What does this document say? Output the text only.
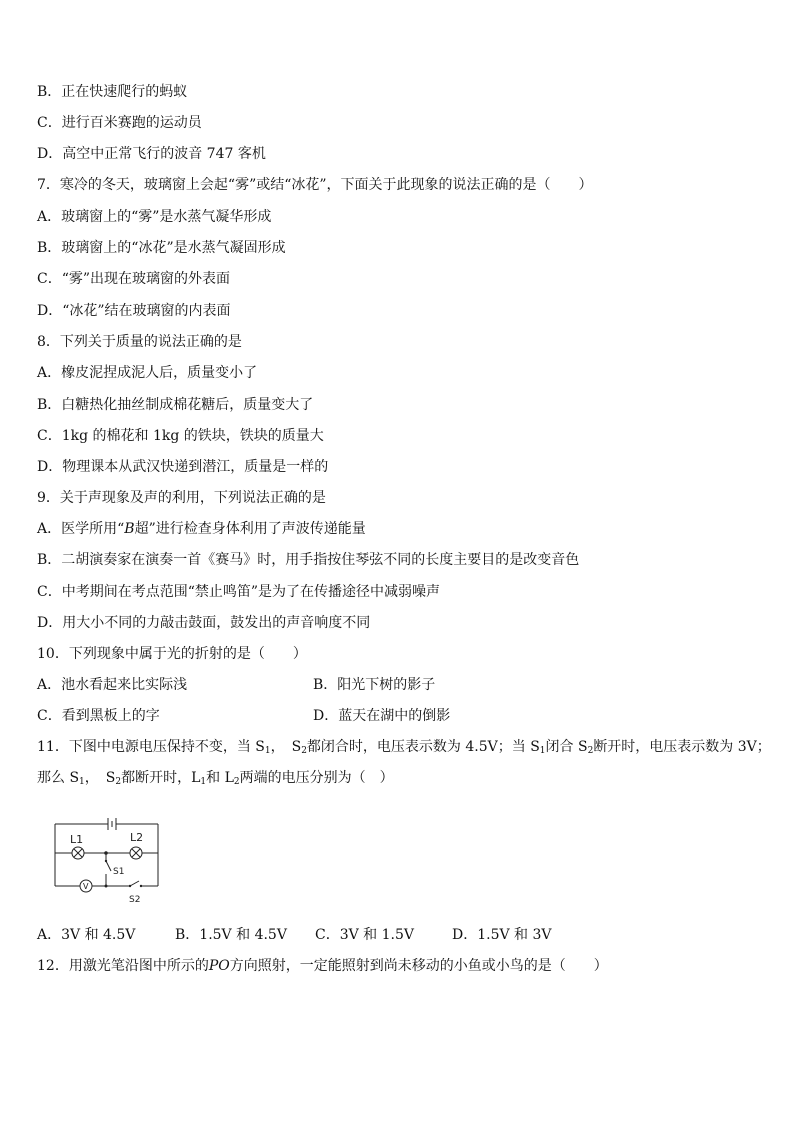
B．正在快速爬行的蚂蚁
C．进行百米赛跑的运动员
D．高空中正常飞行的波音 747 客机
7．寒冷的冬天，玻璃窗上会起“雾”或结“冰花”，下面关于此现象的说法正确的是（　　）
A．玻璃窗上的“雾”是水蒸气凝华形成
B．玻璃窗上的“冰花”是水蒸气凝固形成
C．“雾”出现在玻璃窗的外表面
D．“冰花”结在玻璃窗的内表面
8．下列关于质量的说法正确的是
A．橡皮泥捏成泥人后，质量变小了
B．白糖热化抽丝制成棉花糖后，质量变大了
C．1kg 的棉花和 1kg 的铁块，铁块的质量大
D．物理课本从武汉快递到潜江，质量是一样的
9．关于声现象及声的利用，下列说法正确的是
A．医学所用“B超”进行检查身体利用了声波传递能量
B．二胡演奏家在演奏一首《赛马》时，用手指按住琴弦不同的长度主要目的是改变音色
C．中考期间在考点范围“禁止鸣笛”是为了在传播途径中减弱噪声
D．用大小不同的力敲击鼓面，鼓发出的声音响度不同
10．下列现象中属于光的折射的是（　　）
A．池水看起来比实际浅	B．阳光下树的影子
C．看到黑板上的字	D．蓝天在湖中的倒影
11．下图中电源电压保持不变，当 $S_1$，　$S_2$都闭合时，电压表示数为 4.5V；当 $S_1$闭合 $S_2$断开时，电压表示数为 3V；
那么 $S_1$，　$S_2$都断开时，$L_1$和 $L_2$两端的电压分别为（　）
L1	L2
S1
S2
V
A．3V 和 4.5V	B．1.5V 和 4.5V C．3V 和 1.5V	D．1.5V 和 3V
12．用激光笔沿图中所示的PO方向照射，一定能照射到尚未移动的小鱼或小鸟的是（　　）
